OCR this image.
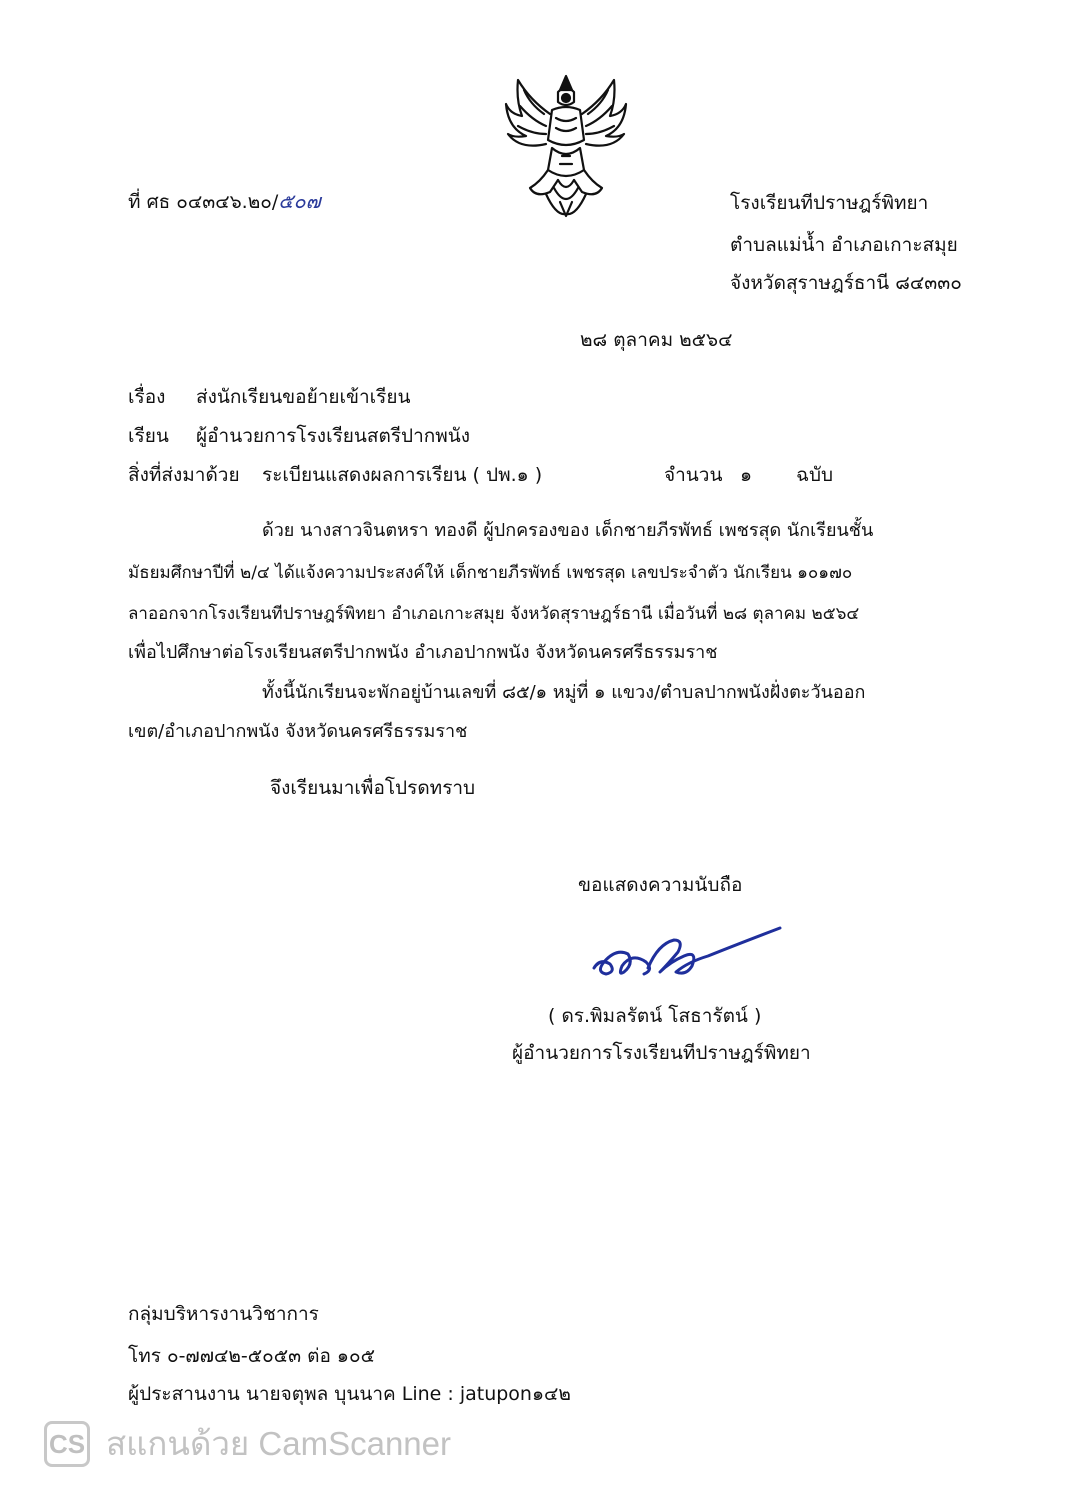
ที่ ศธ ๐๔๓๔๖.๒๐/๕๐๗	โรงเรียนทีปราษฎร์พิทยา
ตำบลแม่น้ำ อำเภอเกาะสมุย
จังหวัดสุราษฎร์ธานี ๘๔๓๓๐
๒๘ ตุลาคม ๒๕๖๔
เรื่อง ส่งนักเรียนขอย้ายเข้าเรียน
เรียน ผู้อำนวยการโรงเรียนสตรีปากพนัง
สิ่งที่ส่งมาด้วย ระเบียนแสดงผลการเรียน ( ปพ.๑ )	จำนวน ๑ ฉบับ
ด้วย นางสาวจินตหรา ทองดี ผู้ปกครองของ เด็กชายภีรพัทธ์ เพชรสุด นักเรียนชั้น
มัธยมศึกษาปีที่ ๒/๔ ได้แจ้งความประสงค์ให้ เด็กชายภีรพัทธ์ เพชรสุด เลขประจำตัว นักเรียน ๑๐๑๗๐
ลาออกจากโรงเรียนทีปราษฎร์พิทยา อำเภอเกาะสมุย จังหวัดสุราษฎร์ธานี เมื่อวันที่ ๒๘ ตุลาคม ๒๕๖๔
เพื่อไปศึกษาต่อโรงเรียนสตรีปากพนัง อำเภอปากพนัง จังหวัดนครศรีธรรมราช
ทั้งนี้นักเรียนจะพักอยู่บ้านเลขที่ ๘๕/๑ หมู่ที่ ๑ แขวง/ตำบลปากพนังฝั่งตะวันออก
เขต/อำเภอปากพนัง จังหวัดนครศรีธรรมราช
จึงเรียนมาเพื่อโปรดทราบ
ขอแสดงความนับถือ
( ดร.พิมลรัตน์ โสธารัตน์ )
ผู้อำนวยการโรงเรียนทีปราษฎร์พิทยา
กลุ่มบริหารงานวิชาการ
โทร ๐-๗๗๔๒-๕๐๕๓ ต่อ ๑๐๕
ผู้ประสานงาน นายจตุพล บุนนาค Line : jatupon๑๔๒
CS สแกนด้วย CamScanner
